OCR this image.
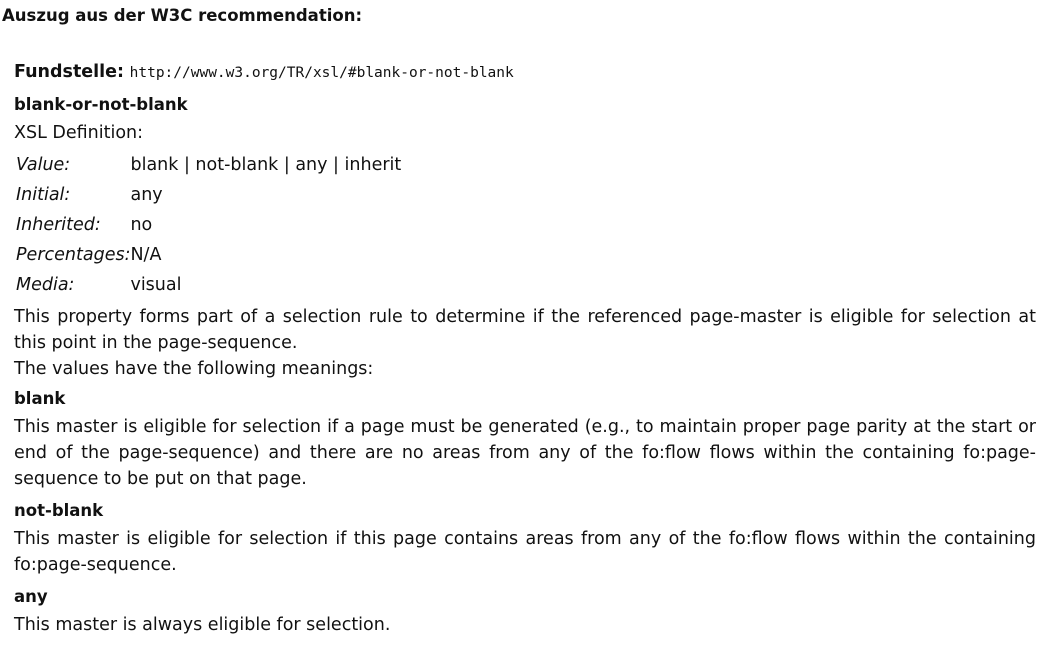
Auszug aus der W3C recommendation:

Fundstelle: http://www.w3.org/TR/xsl/#blank-or-not-blank

blank-or-not-blank

XSL Definition:

Value:	blank | not-blank | any | inherit
Initial:	any
Inherited:	no
Percentages:	N/A
Media:	visual

This property forms part of a selection rule to determine if the referenced page-master is eligible for selection at this point in the page-sequence.

The values have the following meanings:

blank

This master is eligible for selection if a page must be generated (e.g., to maintain proper page parity at the start or end of the page-sequence) and there are no areas from any of the fo:flow flows within the containing fo:page-sequence to be put on that page.

not-blank

This master is eligible for selection if this page contains areas from any of the fo:flow flows within the containing fo:page-sequence.

any

This master is always eligible for selection.
